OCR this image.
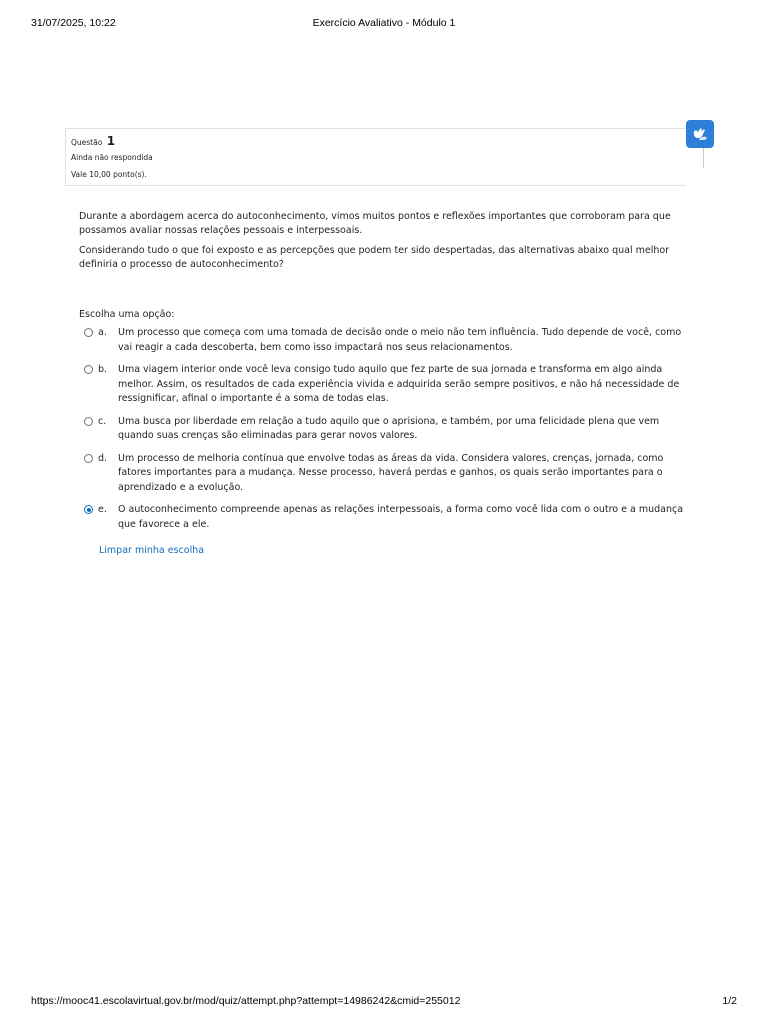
31/07/2025, 10:22	Exercício Avaliativo - Módulo 1
Questão 1
Ainda não respondida
Vale 10,00 ponto(s).

Durante a abordagem acerca do autoconhecimento, vimos muitos pontos e reflexões importantes que corroboram para que possamos avaliar nossas relações pessoais e interpessoais.

Considerando tudo o que foi exposto e as percepções que podem ter sido despertadas, das alternativas abaixo qual melhor definiria o processo de autoconhecimento?

Escolha uma opção:
a.	Um processo que começa com uma tomada de decisão onde o meio não tem influência. Tudo depende de você, como vai reagir a cada descoberta, bem como isso impactará nos seus relacionamentos.
b.	Uma viagem interior onde você leva consigo tudo aquilo que fez parte de sua jornada e transforma em algo ainda melhor. Assim, os resultados de cada experiência vivida e adquirida serão sempre positivos, e não há necessidade de ressignificar, afinal o importante é a soma de todas elas.
c.	Uma busca por liberdade em relação a tudo aquilo que o aprisiona, e também, por uma felicidade plena que vem quando suas crenças são eliminadas para gerar novos valores.
d.	Um processo de melhoria contínua que envolve todas as áreas da vida. Considera valores, crenças, jornada, como fatores importantes para a mudança. Nesse processo, haverá perdas e ganhos, os quais serão importantes para o aprendizado e a evolução.
e.	O autoconhecimento compreende apenas as relações interpessoais, a forma como você lida com o outro e a mudança que favorece a ele.
Limpar minha escolha
https://mooc41.escolavirtual.gov.br/mod/quiz/attempt.php?attempt=14986242&cmid=255012	1/2
